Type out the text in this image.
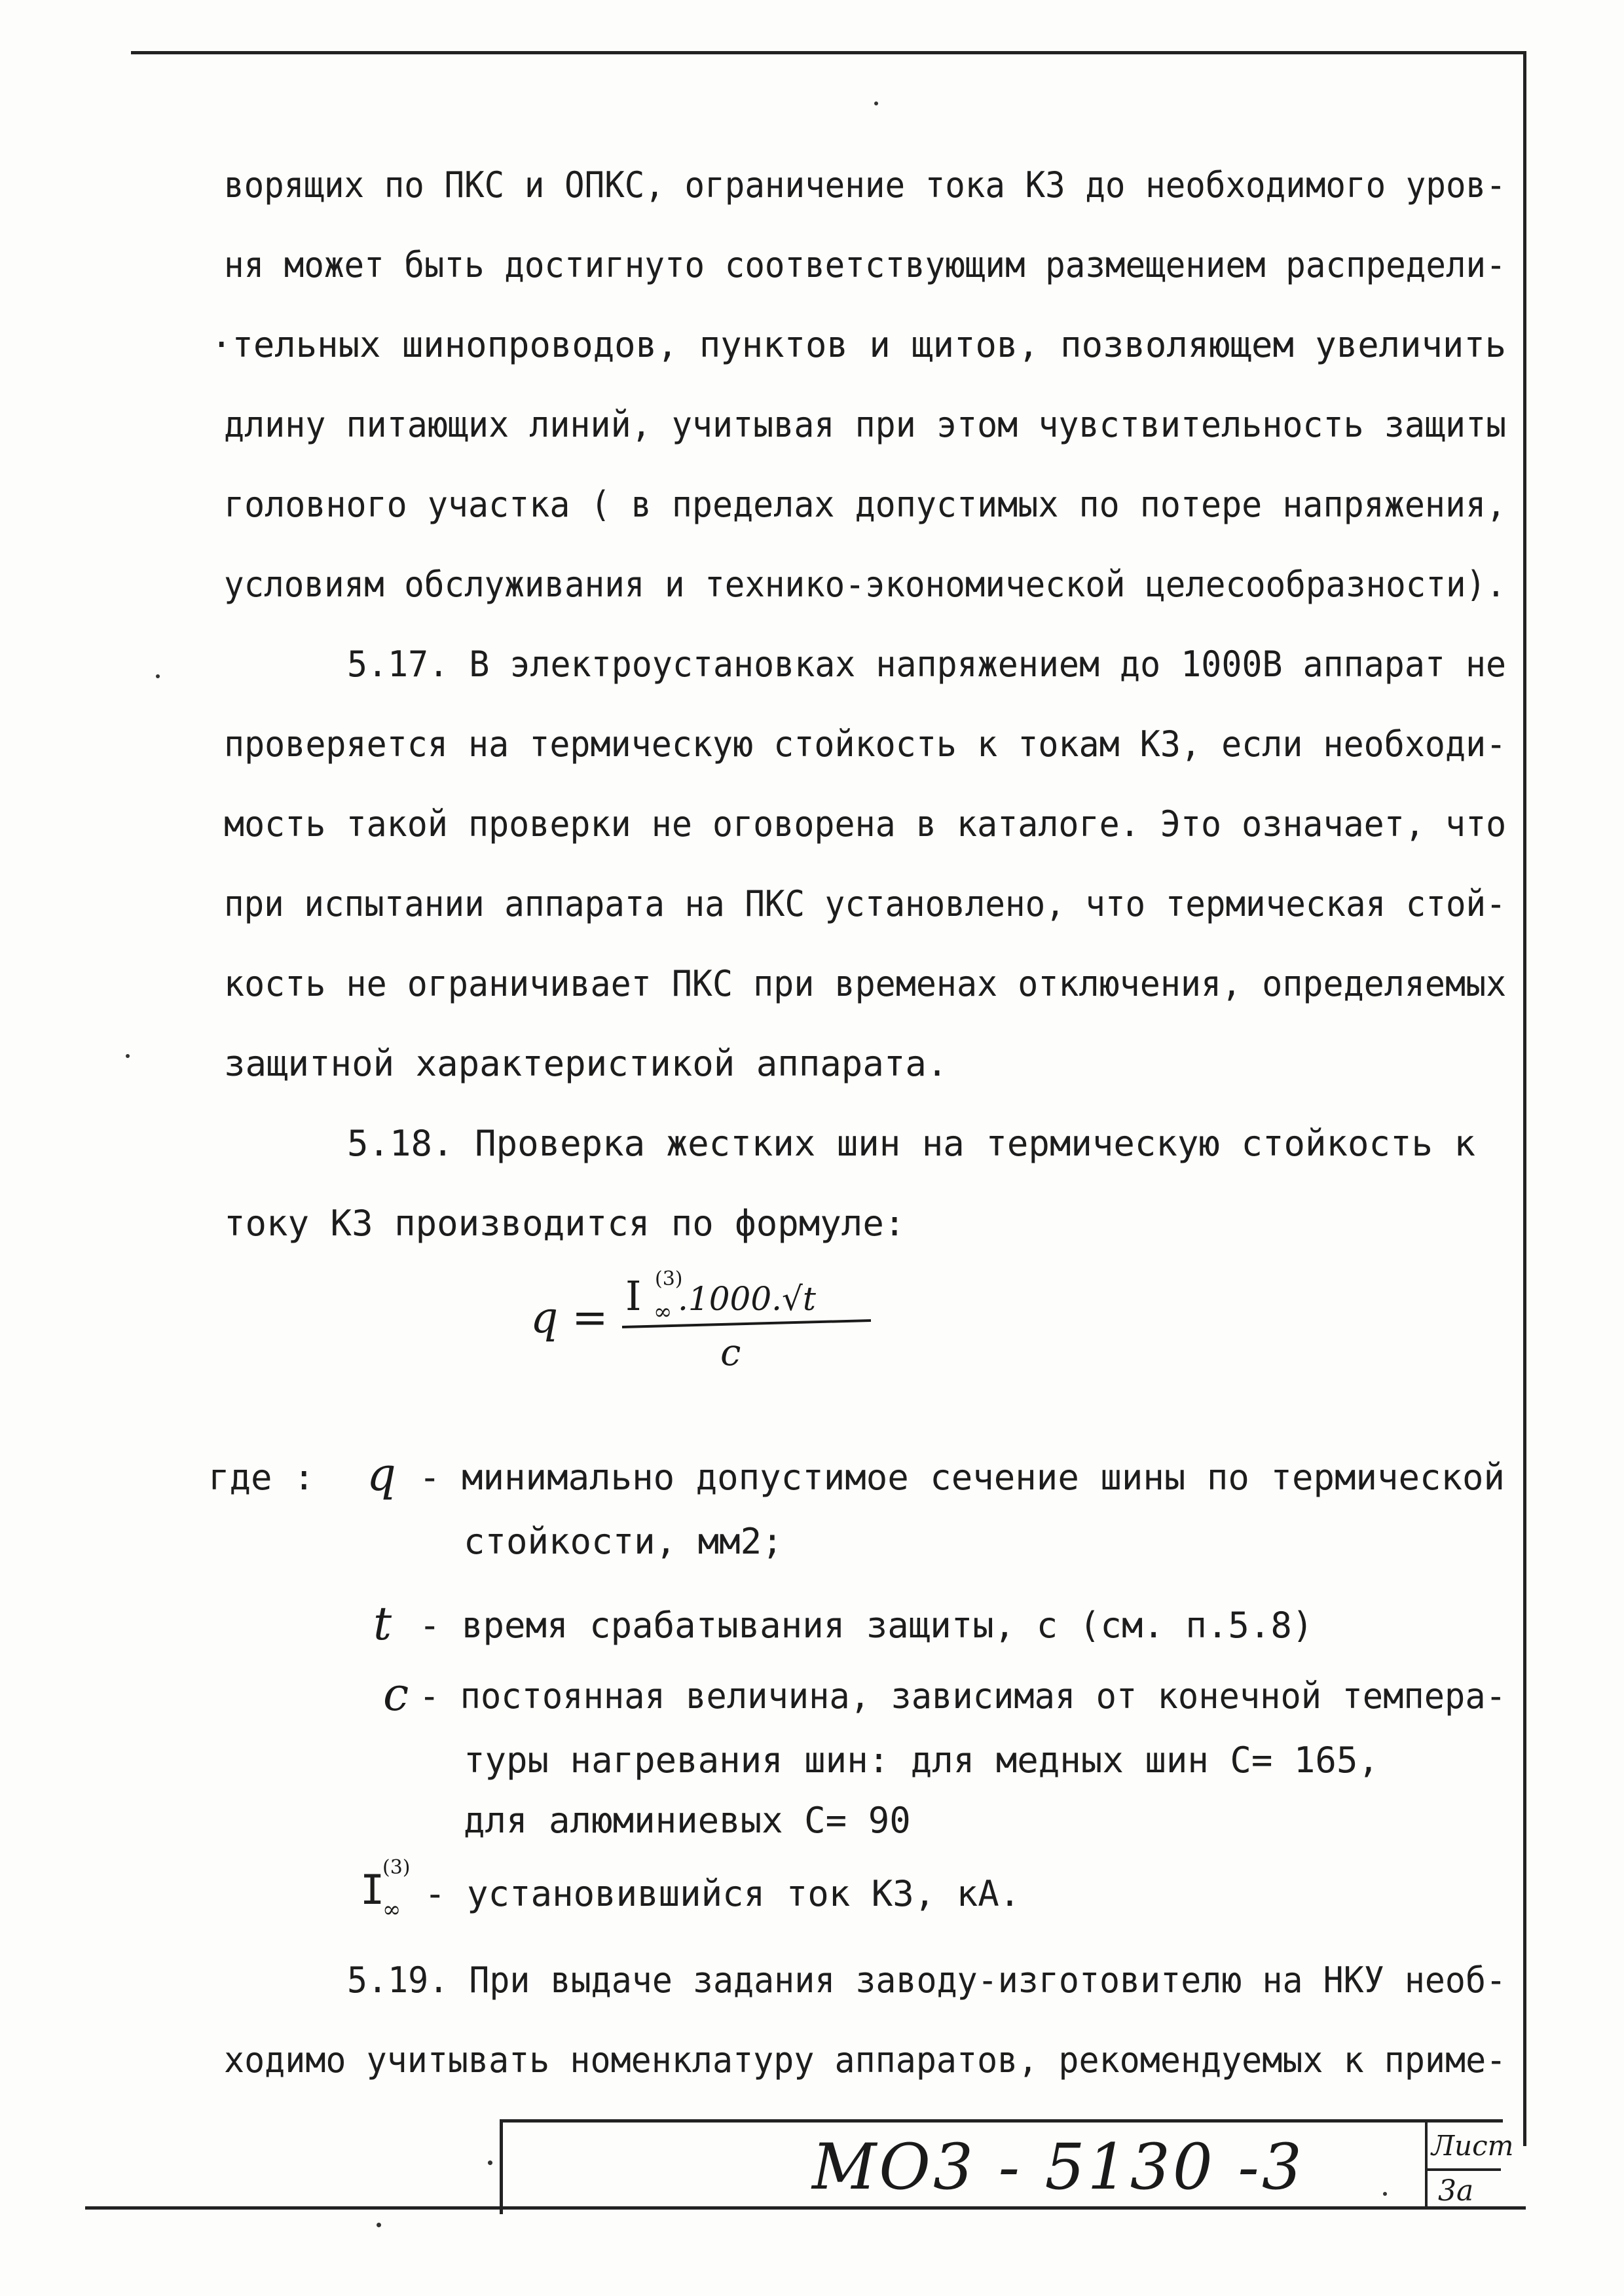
ворящих по ПКС и ОПКС, ограничение тока КЗ до необходимого уров-
ня может быть достигнуто соответствующим размещением распредели-
·тельных шинопроводов, пунктов и щитов, позволяющем увеличить
длину питающих линий, учитывая при этом чувствительность защиты
головного участка ( в пределах допустимых по потере напряжения,
условиям обслуживания и технико-экономической целесообразности).
5.17. В электроустановках напряжением до 1000В аппарат не
проверяется на термическую стойкость к токам КЗ, если необходи-
мость такой проверки не оговорена в каталоге. Это означает, что
при испытании аппарата на ПКС установлено, что термическая стой-
кость не ограничивает ПКС при временах отключения, определяемых
защитной характеристикой аппарата.
5.18. Проверка жестких шин на термическую стойкость к
току КЗ производится по формуле:
q = I (3)
∞ .1000.√t
c
где : q - минимально допустимое сечение шины по термической
стойкости, мм2;
t - время срабатывания защиты, с (см. п.5.8)
c - постоянная величина, зависимая от конечной темпера-
туры нагревания шин: для медных шин С= 165,
для алюминиевых С= 90
I
(3)
∞ - установившийся ток КЗ, кА.
5.19. При выдаче задания заводу-изготовителю на НКУ необ-
ходимо учитывать номенклатуру аппаратов, рекомендуемых к приме-
МО3 - 5130 -3	Лист
3а
